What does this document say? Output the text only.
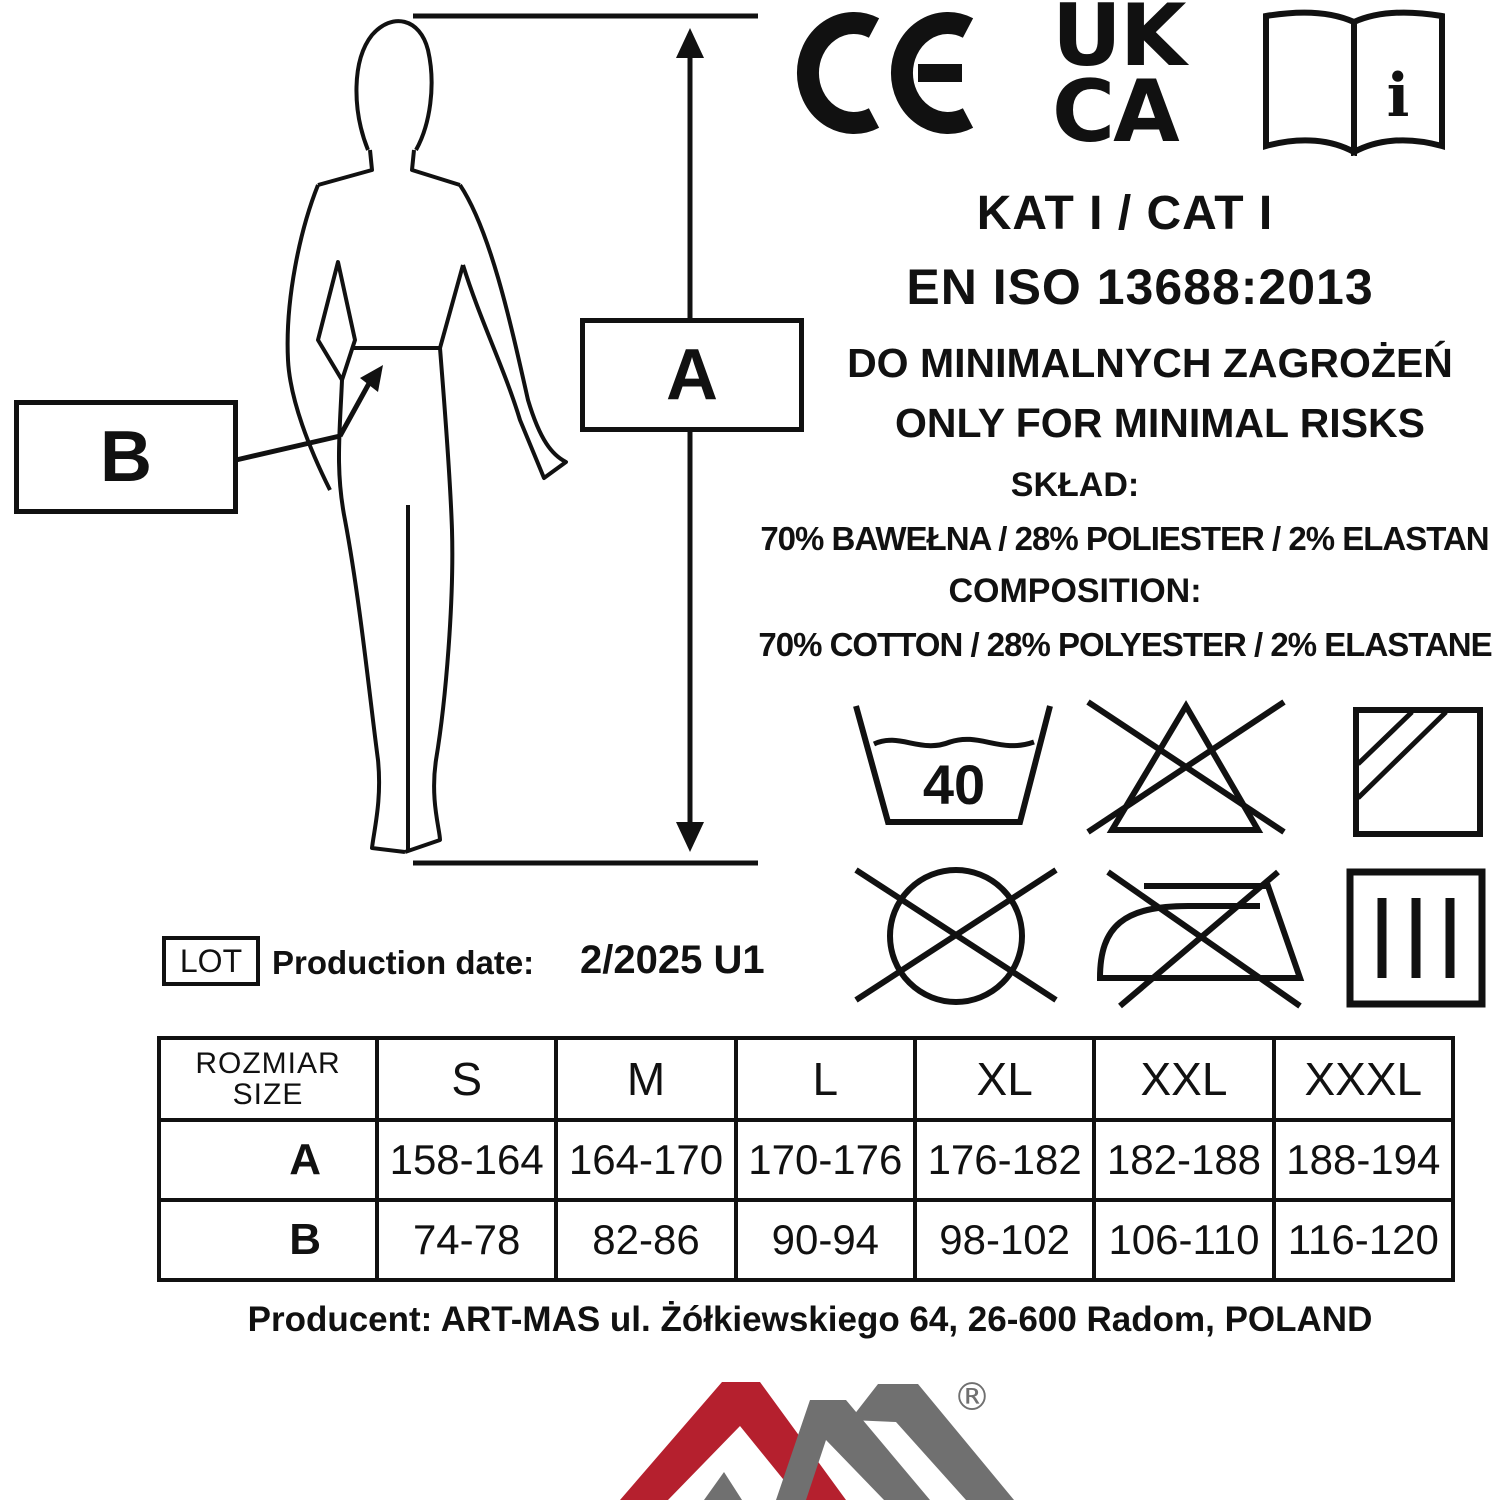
A
B
CE	UK
CA	i
KAT I / CAT I
EN ISO 13688:2013
DO MINIMALNYCH ZAGROŻEŃ
ONLY FOR MINIMAL RISKS
SKŁAD:
70% BAWEŁNA / 28% POLIESTER / 2% ELASTAN
COMPOSITION:
70% COTTON / 28% POLYESTER / 2% ELASTANE
40
LOT Production date: 2/2025 U1
ROZMIAR
SIZE	S	M	L	XL	XXL	XXXL
A	158-164	164-170	170-176	176-182	182-188	188-194
B	74-78	82-86	90-94	98-102	106-110	116-120
Producent: ART-MAS ul. Żółkiewskiego 64, 26-600 Radom, POLAND
®
